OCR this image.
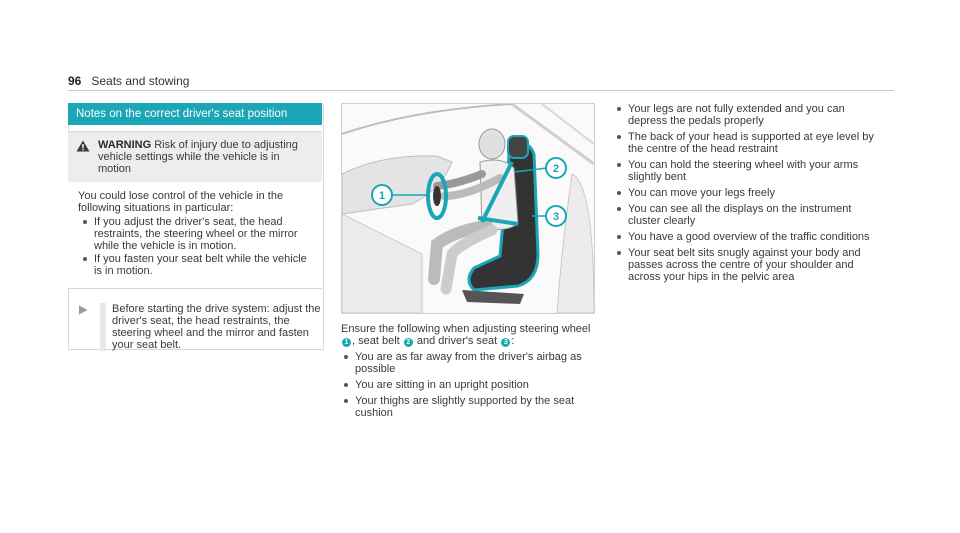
96 Seats and stowing
Notes on the correct driver's seat position
WARNING Risk of injury due to adjusting vehicle settings while the vehicle is in motion
You could lose control of the vehicle in the following situations in particular:
If you adjust the driver's seat, the head restraints, the steering wheel or the mirror while the vehicle is in motion.
If you fasten your seat belt while the vehicle is in motion.
Before starting the drive system: adjust the driver's seat, the head restraints, the steering wheel and the mirror and fasten your seat belt.
1
2
3
Ensure the following when adjusting steering wheel 1 , seat belt 2 and driver's seat 3 :
You are as far away from the driver's airbag as possible
You are sitting in an upright position
Your thighs are slightly supported by the seat cushion
Your legs are not fully extended and you can depress the pedals properly
The back of your head is supported at eye level by the centre of the head restraint
You can hold the steering wheel with your arms slightly bent
You can move your legs freely
You can see all the displays on the instrument cluster clearly
You have a good overview of the traffic conditions
Your seat belt sits snugly against your body and passes across the centre of your shoulder and across your hips in the pelvic area
